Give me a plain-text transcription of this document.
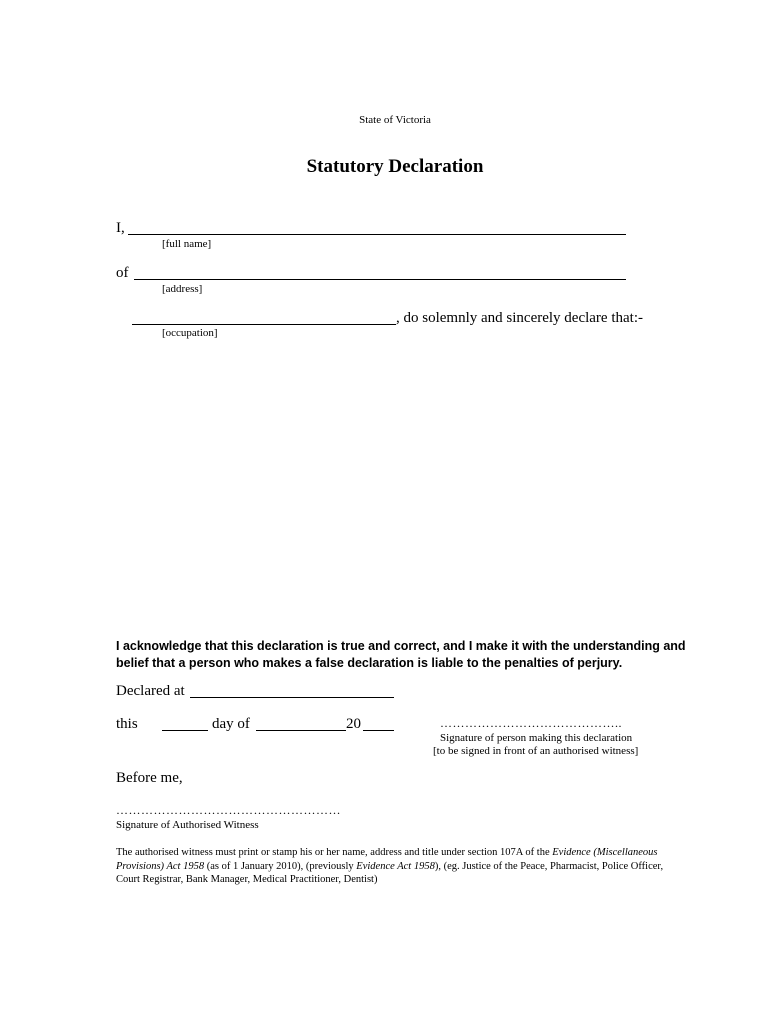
State of Victoria
Statutory Declaration
I,
[full name]
of
[address]
, do solemnly and sincerely declare that:-
[occupation]
I acknowledge that this declaration is true and correct, and I make it with the understanding and belief that a person who makes a false declaration is liable to the penalties of perjury.
Declared at
this	day of	20	……………………………………..
Signature of person making this declaration
[to be signed in front of an authorised witness]
Before me,
………………………………………………
Signature of Authorised Witness
The authorised witness must print or stamp his or her name, address and title under section 107A of the Evidence (Miscellaneous Provisions) Act 1958 (as of 1 January 2010), (previously Evidence Act 1958), (eg. Justice of the Peace, Pharmacist, Police Officer, Court Registrar, Bank Manager, Medical Practitioner, Dentist)
